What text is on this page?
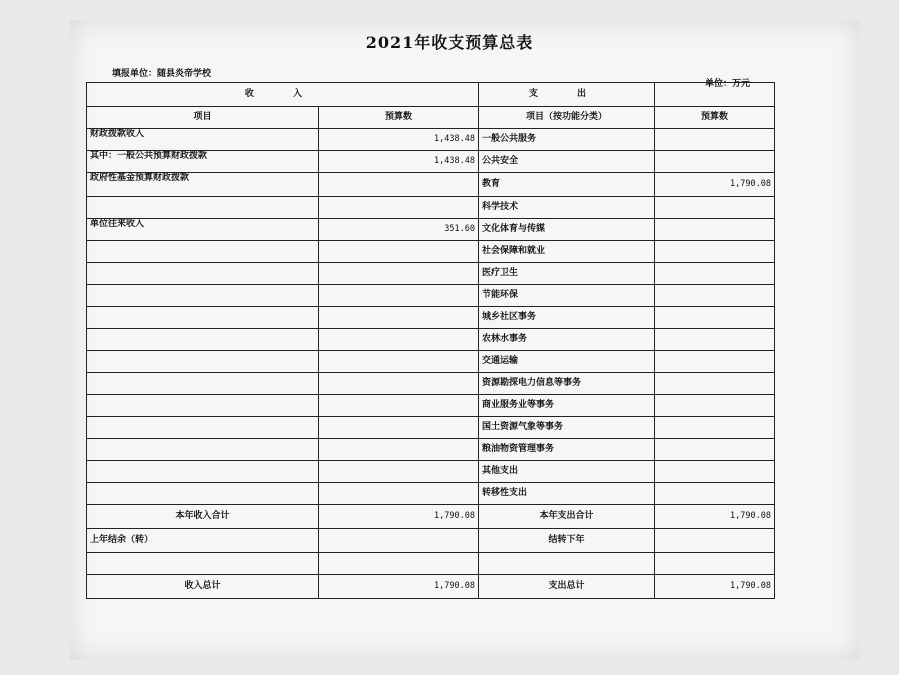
2021年收支预算总表
填报单位：随县炎帝学校
单位：万元
收 入		支 出	
项目	预算数	项目（按功能分类）	预算数
财政拨款收入	1,438.48	一般公共服务	
其中：一般公共预算财政拨款	1,438.48	公共安全	
政府性基金预算财政拨款		教育	1,790.08
		科学技术	
单位往来收入	351.60	文化体育与传媒	
		社会保障和就业	
		医疗卫生	
		节能环保	
		城乡社区事务	
		农林水事务	
		交通运输	
		资源勘探电力信息等事务	
		商业服务业等事务	
		国土资源气象等事务	
		粮油物资管理事务	
		其他支出	
		转移性支出	
本年收入合计	1,790.08	本年支出合计	1,790.08
上年结余（转）		结转下年	

收入总计	1,790.08	支出总计	1,790.08
